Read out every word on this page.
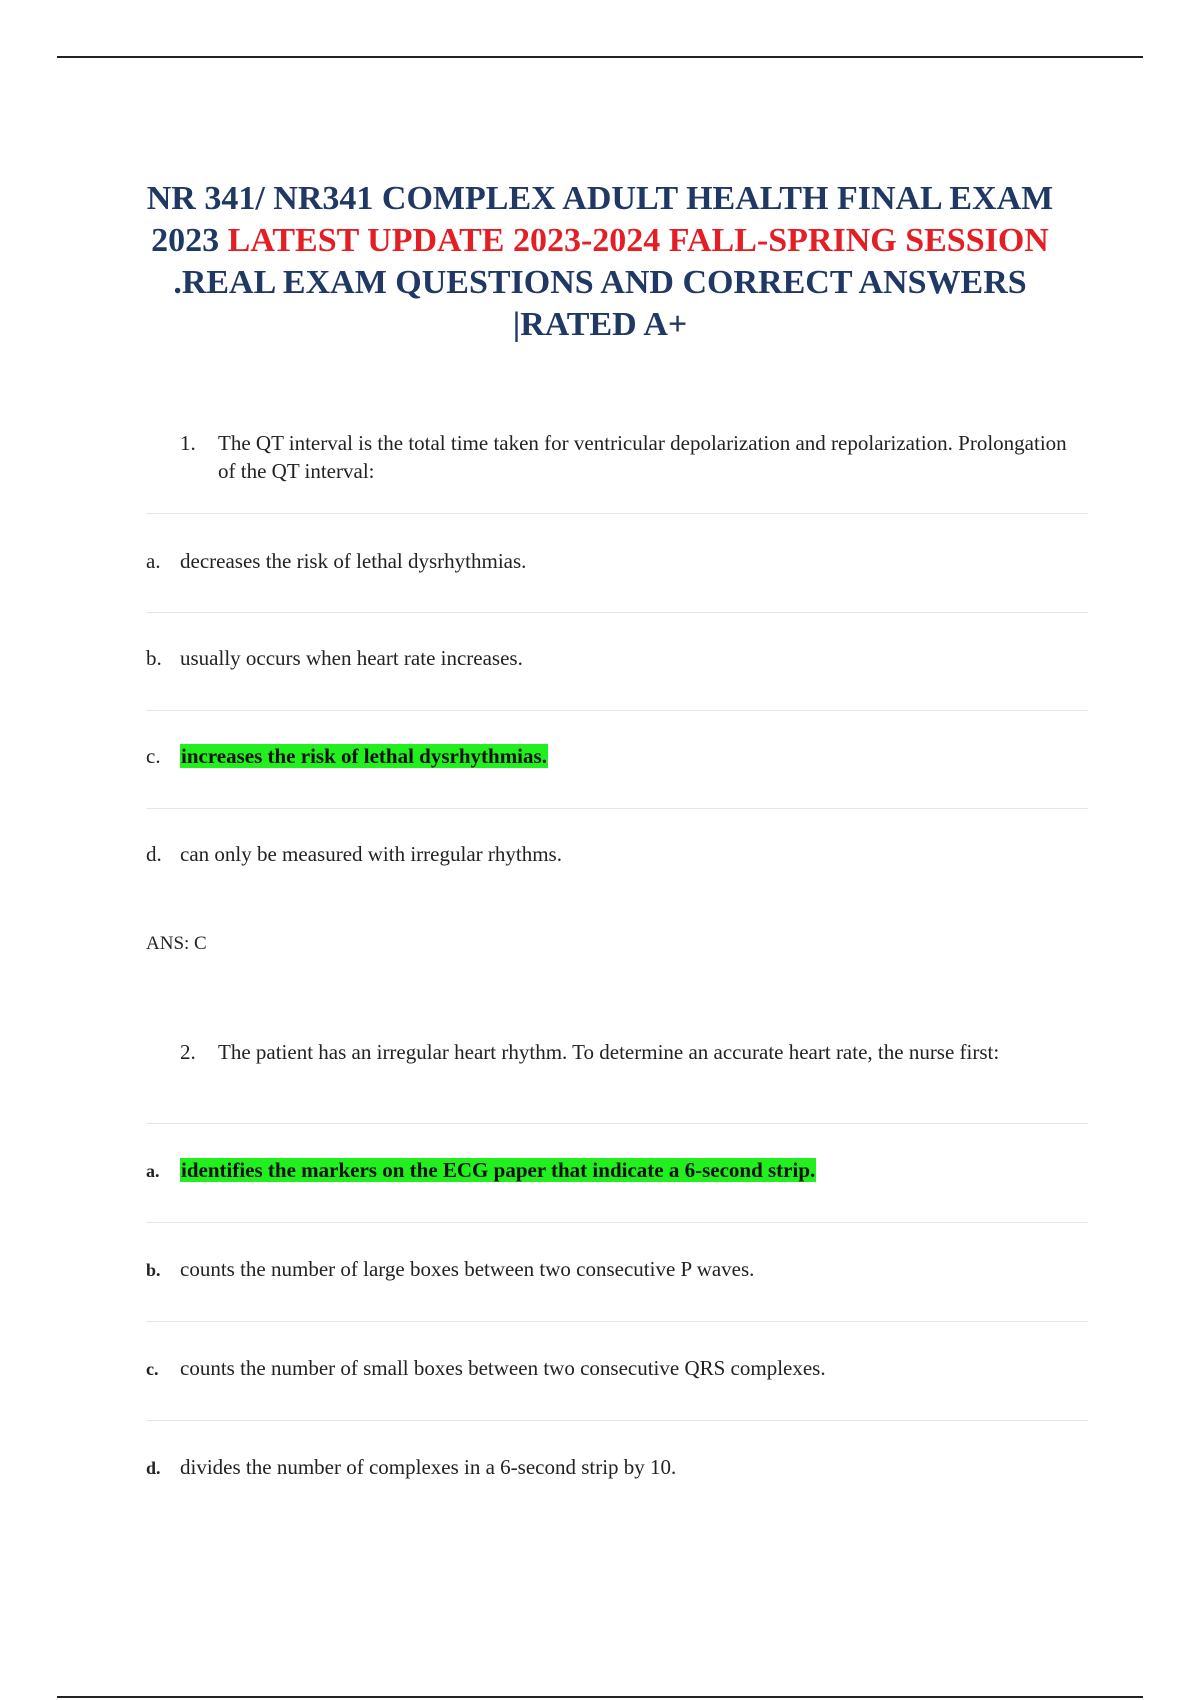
NR 341/ NR341 COMPLEX ADULT HEALTH FINAL EXAM 2023 LATEST UPDATE 2023-2024 FALL-SPRING SESSION .REAL EXAM QUESTIONS AND CORRECT ANSWERS |RATED A+
1. The QT interval is the total time taken for ventricular depolarization and repolarization. Prolongation of the QT interval:
a. decreases the risk of lethal dysrhythmias.
b. usually occurs when heart rate increases.
c. increases the risk of lethal dysrhythmias.
d. can only be measured with irregular rhythms.
ANS: C
2. The patient has an irregular heart rhythm. To determine an accurate heart rate, the nurse first:
a. identifies the markers on the ECG paper that indicate a 6-second strip.
b. counts the number of large boxes between two consecutive P waves.
c. counts the number of small boxes between two consecutive QRS complexes.
d. divides the number of complexes in a 6-second strip by 10.
